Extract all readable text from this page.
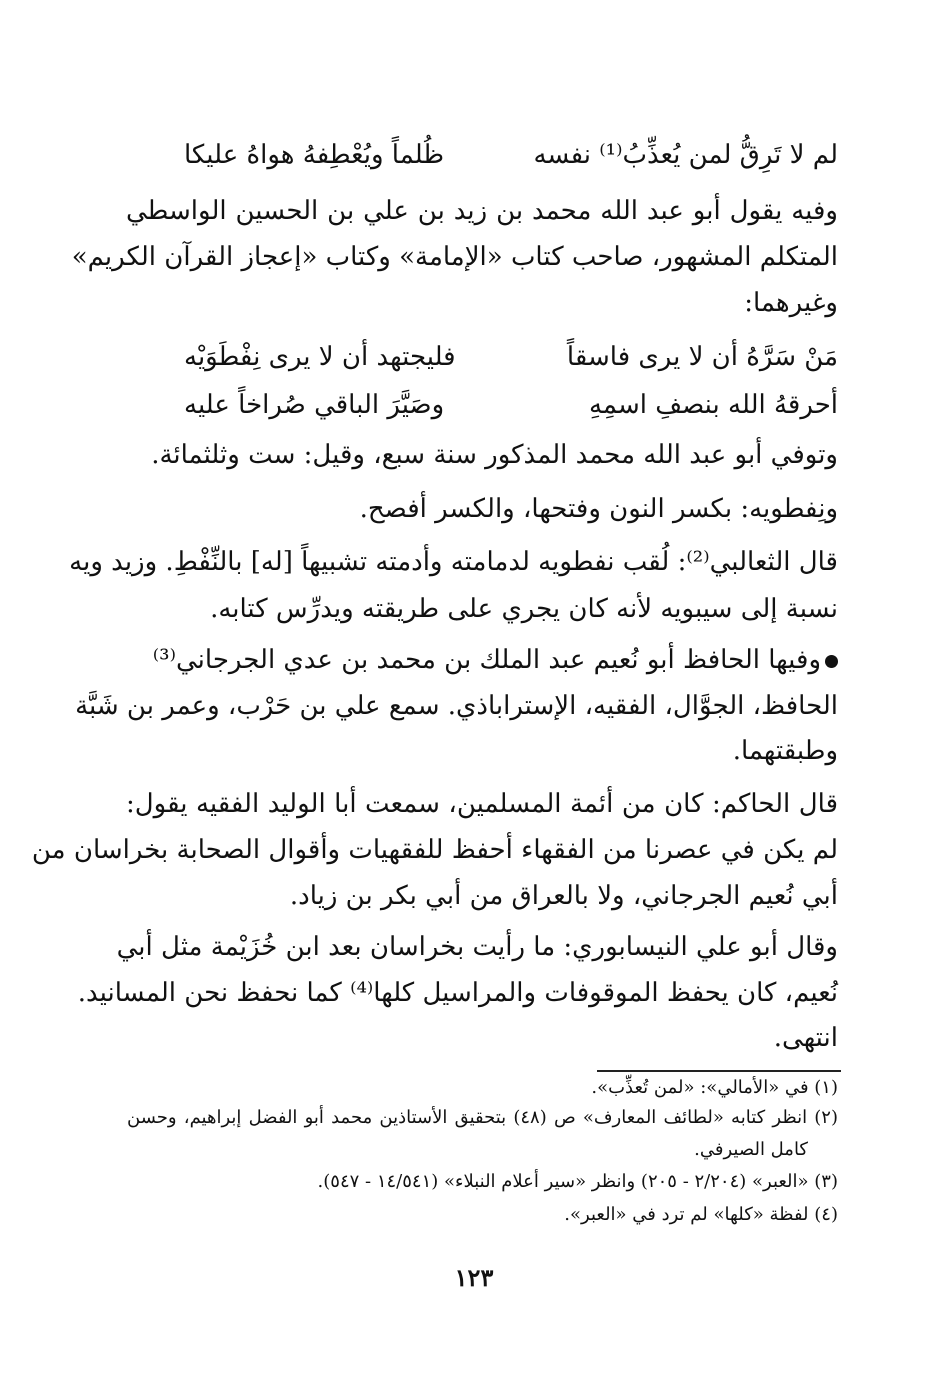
لم لا تَرِقُّ لمن يُعذِّبُ⁽¹⁾ نفسه
ظُلماً ويُعْطِفهُ هواهُ عليكا
وفيه يقول أبو عبد الله محمد بن زيد بن علي بن الحسين الواسطي
المتكلم المشهور، صاحب كتاب «الإمامة» وكتاب «إعجاز القرآن الكريم»
وغيرهما:
مَنْ سَرَّهُ أن لا يرى فاسقاً
فليجتهد أن لا يرى نِفْطَوَيْه
أحرقهُ الله بنصفِ اسمِهِ
وصَيَّرَ الباقي صُراخاً عليه
وتوفي أبو عبد الله محمد المذكور سنة سبع، وقيل: ست وثلثمائة.
ونِفطويه: بكسر النون وفتحها، والكسر أفصح.
قال الثعالبي⁽²⁾: لُقب نفطويه لدمامته وأدمته تشبيهاً [له] بالنِّفْطِ. وزيد ويه
نسبة إلى سيبويه لأنه كان يجري على طريقته ويدرِّس كتابه.
وفيها الحافظ أبو نُعيم عبد الملك بن محمد بن عدي الجرجاني⁽³⁾
الحافظ، الجوَّال، الفقيه، الإستراباذي. سمع علي بن حَرْب، وعمر بن شَبَّة
وطبقتهما.
قال الحاكم: كان من أئمة المسلمين، سمعت أبا الوليد الفقيه يقول:
لم يكن في عصرنا من الفقهاء أحفظ للفقهيات وأقوال الصحابة بخراسان من
أبي نُعيم الجرجاني، ولا بالعراق من أبي بكر بن زياد.
وقال أبو علي النيسابوري: ما رأيت بخراسان بعد ابن خُزَيْمة مثل أبي
نُعيم، كان يحفظ الموقوفات والمراسيل كلها⁽⁴⁾ كما نحفظ نحن المسانيد.
انتهى.
(١) في «الأمالي»: «لمن تُعذِّب».
(٢) انظر كتابه «لطائف المعارف» ص (٤٨) بتحقيق الأستاذين محمد أبو الفضل إبراهيم، وحسن
كامل الصيرفي.
(٣) «العبر» (٢/٢٠٤ - ٢٠٥) وانظر «سير أعلام النبلاء» (١٤/٥٤١ - ٥٤٧).
(٤) لفظة «كلها» لم ترد في «العبر».
١٢٣
